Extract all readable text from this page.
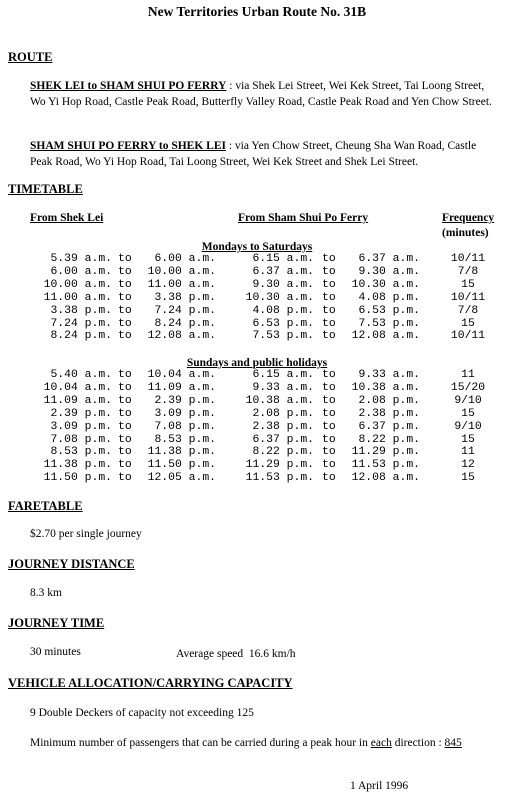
New Territories Urban Route No. 31B
ROUTE
SHEK LEI to SHAM SHUI PO FERRY : via Shek Lei Street, Wei Kek Street, Tai Loong Street, Wo Yi Hop Road, Castle Peak Road, Butterfly Valley Road, Castle Peak Road and Yen Chow Street.
SHAM SHUI PO FERRY to SHEK LEI : via Yen Chow Street, Cheung Sha Wan Road, Castle Peak Road, Wo Yi Hop Road, Tai Loong Street, Wei Kek Street and Shek Lei Street.
TIMETABLE
From Shek Lei	From Sham Shui Po Ferry	Frequency
(minutes)
Mondays to Saturdays
5.39 a.m. to	6.00 a.m.	6.15 a.m. to	6.37 a.m.	10/11
6.00 a.m. to	10.00 a.m.	6.37 a.m. to	9.30 a.m.	7/8
10.00 a.m. to	11.00 a.m.	9.30 a.m. to	10.30 a.m.	15
11.00 a.m. to	3.38 p.m.	10.30 a.m. to	4.08 p.m.	10/11
3.38 p.m. to	7.24 p.m.	4.08 p.m. to	6.53 p.m.	7/8
7.24 p.m. to	8.24 p.m.	6.53 p.m. to	7.53 p.m.	15
8.24 p.m. to	12.08 a.m.	7.53 p.m. to	12.08 a.m.	10/11
Sundays and public holidays
5.40 a.m. to	10.04 a.m.	6.15 a.m. to	9.33 a.m.	11
10.04 a.m. to	11.09 a.m.	9.33 a.m. to	10.38 a.m.	15/20
11.09 a.m. to	2.39 p.m.	10.38 a.m. to	2.08 p.m.	9/10
2.39 p.m. to	3.09 p.m.	2.08 p.m. to	2.38 p.m.	15
3.09 p.m. to	7.08 p.m.	2.38 p.m. to	6.37 p.m.	9/10
7.08 p.m. to	8.53 p.m.	6.37 p.m. to	8.22 p.m.	15
8.53 p.m. to	11.38 p.m.	8.22 p.m. to	11.29 p.m.	11
11.38 p.m. to	11.50 p.m.	11.29 p.m. to	11.53 p.m.	12
11.50 p.m. to	12.05 a.m.	11.53 p.m. to	12.08 a.m.	15
FARETABLE
$2.70 per single journey
JOURNEY DISTANCE
8.3 km
JOURNEY TIME
30 minutes	Average speed 16.6 km/h
VEHICLE ALLOCATION/CARRYING CAPACITY
9 Double Deckers of capacity not exceeding 125
Minimum number of passengers that can be carried during a peak hour in each direction : 845
1 April 1996
